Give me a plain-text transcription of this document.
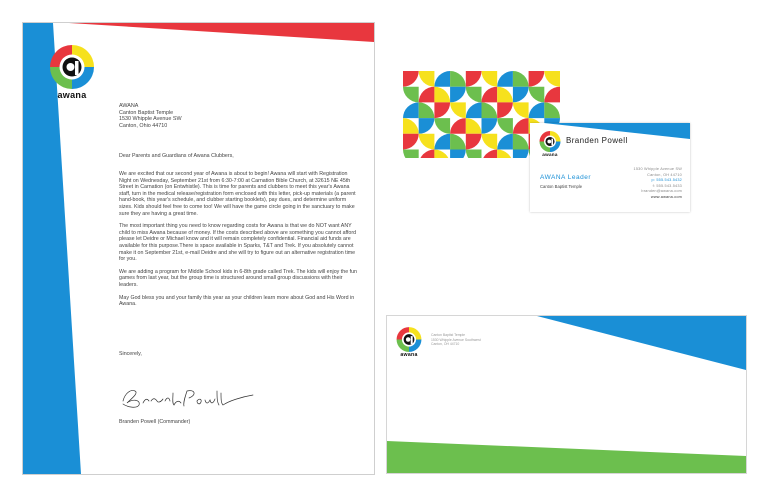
awana
AWANA
Canton Baptist Temple
1530 Whipple Avenue SW
Canton, Ohio 44710

Dear Parents and Guardians of Awana Clubbers,

We are excited that our second year of Awana is about to begin! Awana will start with Registration Night on Wednesday, September 21st from 6:30-7:00 at Carnation Bible Church, at 32615 NE 45th Street in Carnation (on Entwhistle). This is time for parents and clubbers to meet this year's Awana staff, turn in the medical release/registration form enclosed with this letter, pick-up materials (a parent hand-book, this year's schedule, and clubber starting booklets), pay dues, and determine uniform sizes. Kids should feel free to come too! We will have the game circle going in the sanctuary to make sure they are having a great time.

The most important thing you need to know regarding costs for Awana is that we do NOT want ANY child to miss Awana because of money. If the costs described above are something you cannot afford please let Deidre or Michael know and it will remain completely confidential. Financial aid funds are available for this purpose.There is space available in Sparks, T&T and Trek. If you absolutely cannot make it on September 21st, e-mail Deidre and she will try to figure out an alternative registration time for you.

We are adding a program for Middle School kids in 6-8th grade called Trek. The kids will enjoy the fun games from last year, but the group time is structured around small group discussions with their leaders.

May God bless you and your family this year as your children learn more about God and His Word in Awana.

Sincerely,

Branden Powell (Commander)

awana
Branden Powell
AWANA Leader
Canton Baptist Temple
1530 Whipple Avenue SW
Canton, OH 44710
p: 555.543.5432
f: 555.543.5433
branden@awana.com
www.awana.com
awana
Canton Baptist Temple
1530 Whipple Avenue Southwest
Canton, OH 44710
